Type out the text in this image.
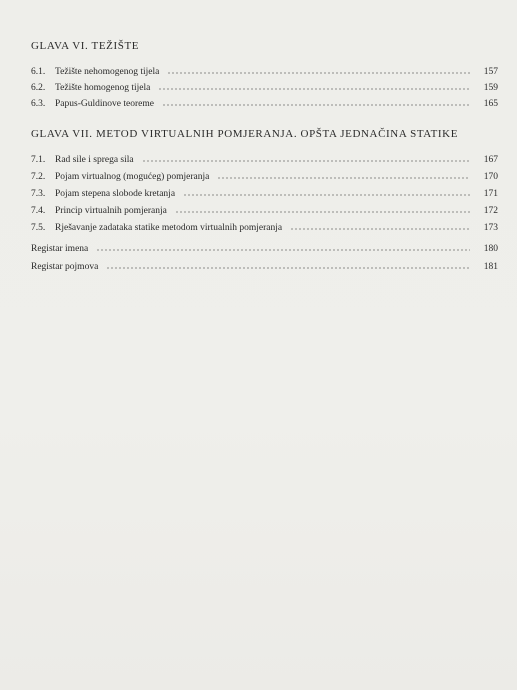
GLAVA VI. TEŽIŠTE
6.1.	Težište nehomogenog tijela	157
6.2.	Težište homogenog tijela	159
6.3.	Papus-Guldinove teoreme	165
GLAVA VII. METOD VIRTUALNIH POMJERANJA. OPŠTA JEDNAČINA STATIKE
7.1.	Rad sile i sprega sila	167
7.2.	Pojam virtualnog (mogućeg) pomjeranja	170
7.3.	Pojam stepena slobode kretanja	171
7.4.	Princip virtualnih pomjeranja	172
7.5.	Rješavanje zadataka statike metodom virtualnih pomjeranja	173
Registar imena	180
Registar pojmova	181
